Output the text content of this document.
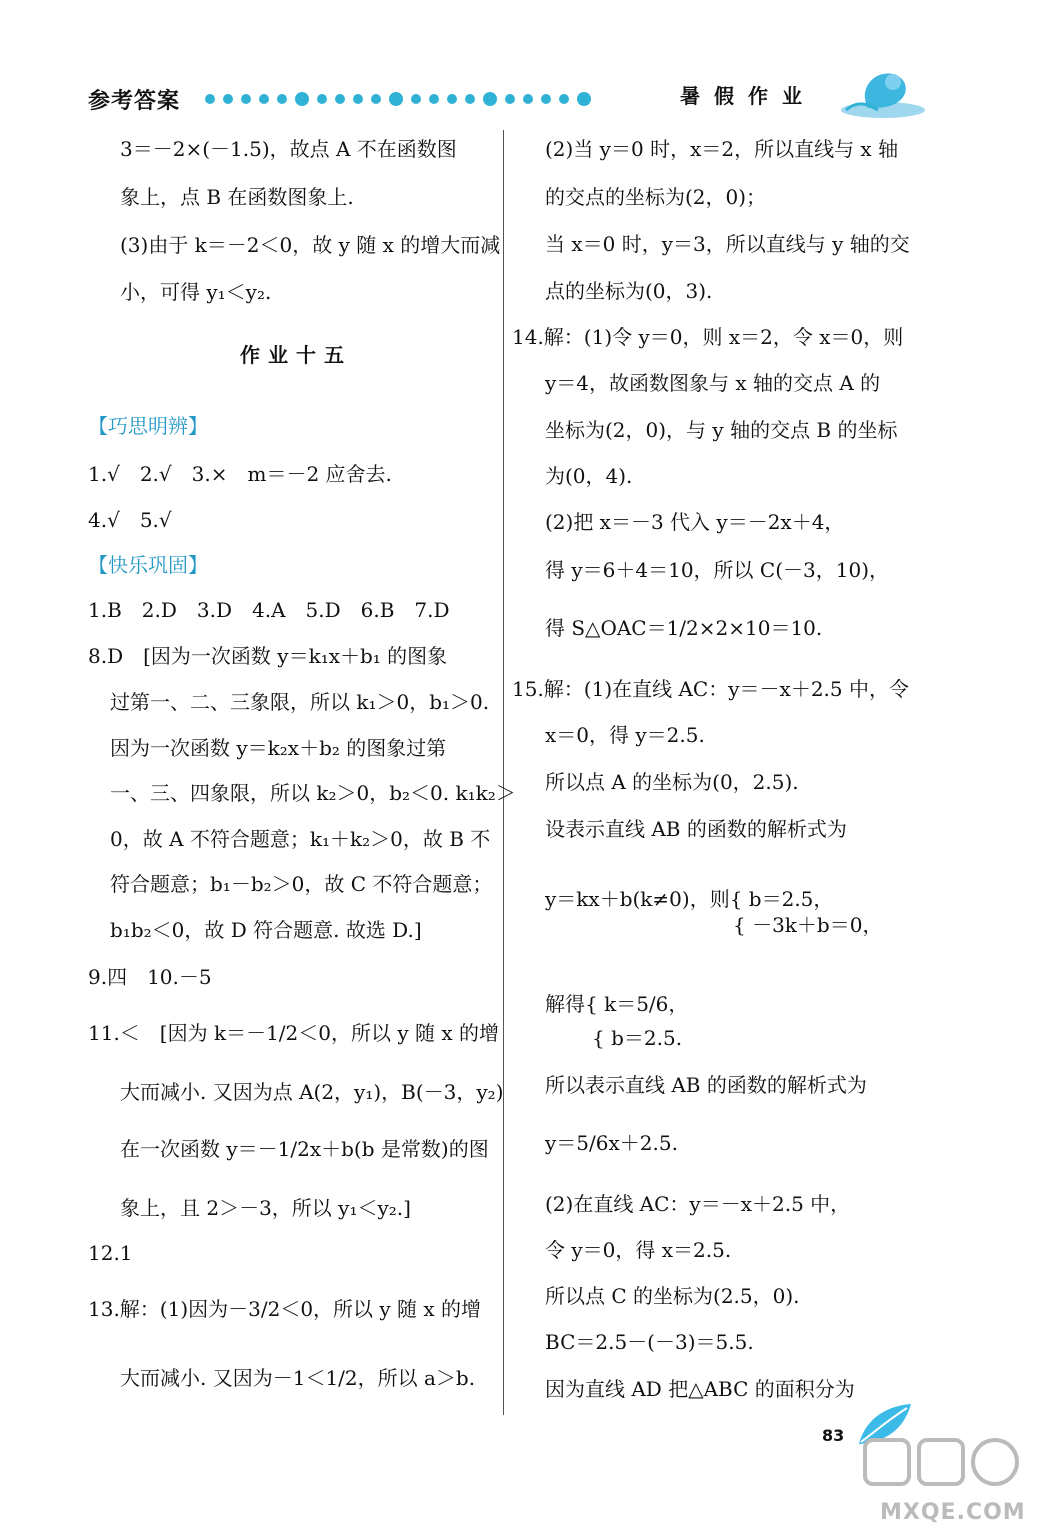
参考答案	暑假作业
3＝－2×(－1.5)，故点 A 不在函数图
象上，点 B 在函数图象上.
(3)由于 k＝－2＜0，故 y 随 x 的增大而减
小，可得 y₁＜y₂.
作业十五
【巧思明辨】
1.√　2.√　3.×　m＝－2 应舍去.
4.√　5.√
【快乐巩固】
1.B　2.D　3.D　4.A　5.D　6.B　7.D
8.D　[因为一次函数 y＝k₁x＋b₁ 的图象
过第一、二、三象限，所以 k₁＞0，b₁＞0.
因为一次函数 y＝k₂x＋b₂ 的图象过第
一、三、四象限，所以 k₂＞0，b₂＜0. k₁k₂＞
0，故 A 不符合题意；k₁＋k₂＞0，故 B 不
符合题意；b₁－b₂＞0，故 C 不符合题意；
b₁b₂＜0，故 D 符合题意. 故选 D.]
9.四　10.－5
11.＜　[因为 k＝－1/2＜0，所以 y 随 x 的增
大而减小. 又因为点 A(2，y₁)，B(－3，y₂)
在一次函数 y＝－1/2x＋b(b 是常数)的图
象上，且 2＞－3，所以 y₁＜y₂.]
12.1
13.解：(1)因为－3/2＜0，所以 y 随 x 的增
大而减小. 又因为－1＜1/2，所以 a＞b.
(2)当 y＝0 时，x＝2，所以直线与 x 轴
的交点的坐标为(2，0)；
当 x＝0 时，y＝3，所以直线与 y 轴的交
点的坐标为(0，3).
14.解：(1)令 y＝0，则 x＝2，令 x＝0，则
y＝4，故函数图象与 x 轴的交点 A 的
坐标为(2，0)，与 y 轴的交点 B 的坐标
为(0，4).
(2)把 x＝－3 代入 y＝－2x＋4，
得 y＝6＋4＝10，所以 C(－3，10)，
得 S△OAC＝1/2×2×10＝10.
15.解：(1)在直线 AC：y＝－x＋2.5 中，令
x＝0，得 y＝2.5.
所以点 A 的坐标为(0，2.5).
设表示直线 AB 的函数的解析式为
y＝kx＋b(k≠0)，则{ b＝2.5，
{ －3k＋b＝0，
解得{ k＝5/6，
{ b＝2.5.
所以表示直线 AB 的函数的解析式为
y＝5/6x＋2.5.
(2)在直线 AC：y＝－x＋2.5 中，
令 y＝0，得 x＝2.5.
所以点 C 的坐标为(2.5，0).
BC＝2.5－(－3)＝5.5.
因为直线 AD 把△ABC 的面积分为
83
MXQE.COM
